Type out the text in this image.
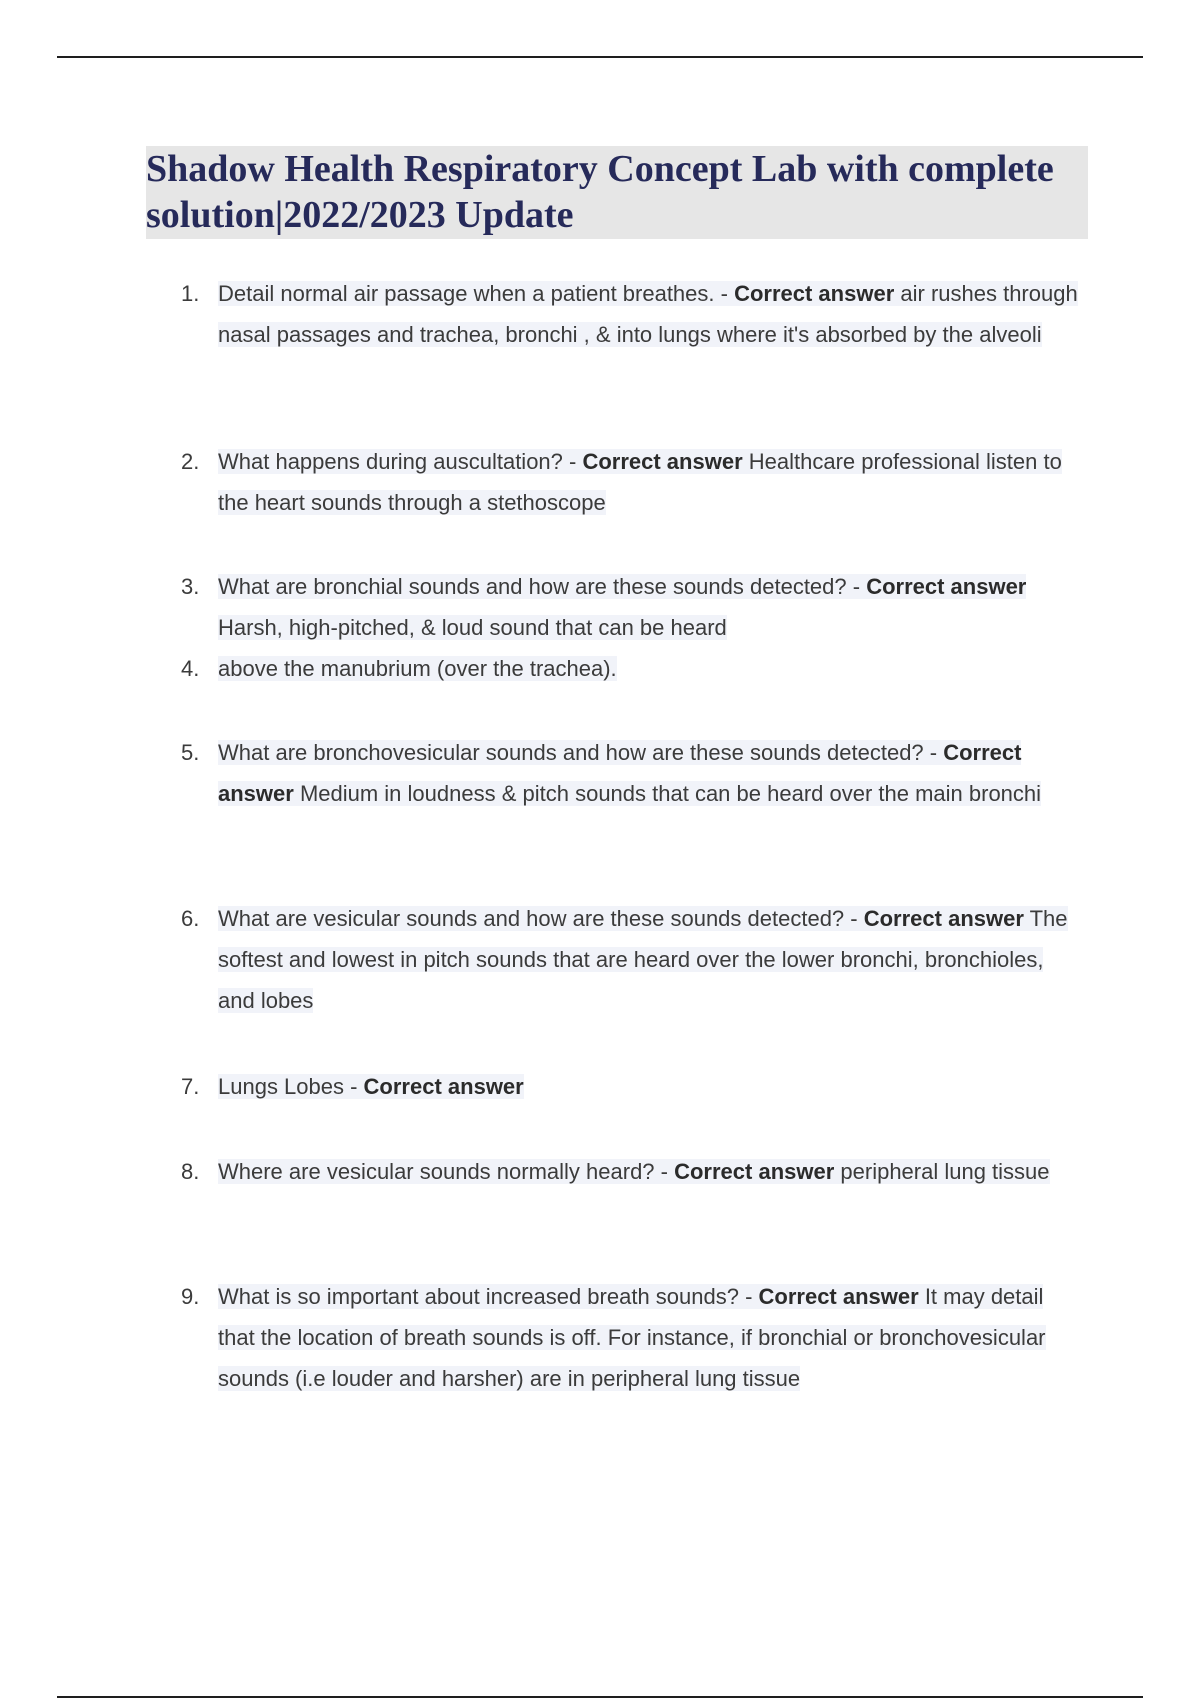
Shadow Health Respiratory Concept Lab with complete solution|2022/2023 Update
1. Detail normal air passage when a patient breathes. - Correct answer air rushes through nasal passages and trachea, bronchi , & into lungs where it's absorbed by the alveoli
2. What happens during auscultation? - Correct answer Healthcare professional listen to the heart sounds through a stethoscope
3. What are bronchial sounds and how are these sounds detected? - Correct answer Harsh, high-pitched, & loud sound that can be heard
4. above the manubrium (over the trachea).
5. What are bronchovesicular sounds and how are these sounds detected? - Correct answer Medium in loudness & pitch sounds that can be heard over the main bronchi
6. What are vesicular sounds and how are these sounds detected? - Correct answer The softest and lowest in pitch sounds that are heard over the lower bronchi, bronchioles, and lobes
7. Lungs Lobes - Correct answer
8. Where are vesicular sounds normally heard? - Correct answer peripheral lung tissue
9. What is so important about increased breath sounds? - Correct answer It may detail that the location of breath sounds is off. For instance, if bronchial or bronchovesicular sounds (i.e louder and harsher) are in peripheral lung tissue
